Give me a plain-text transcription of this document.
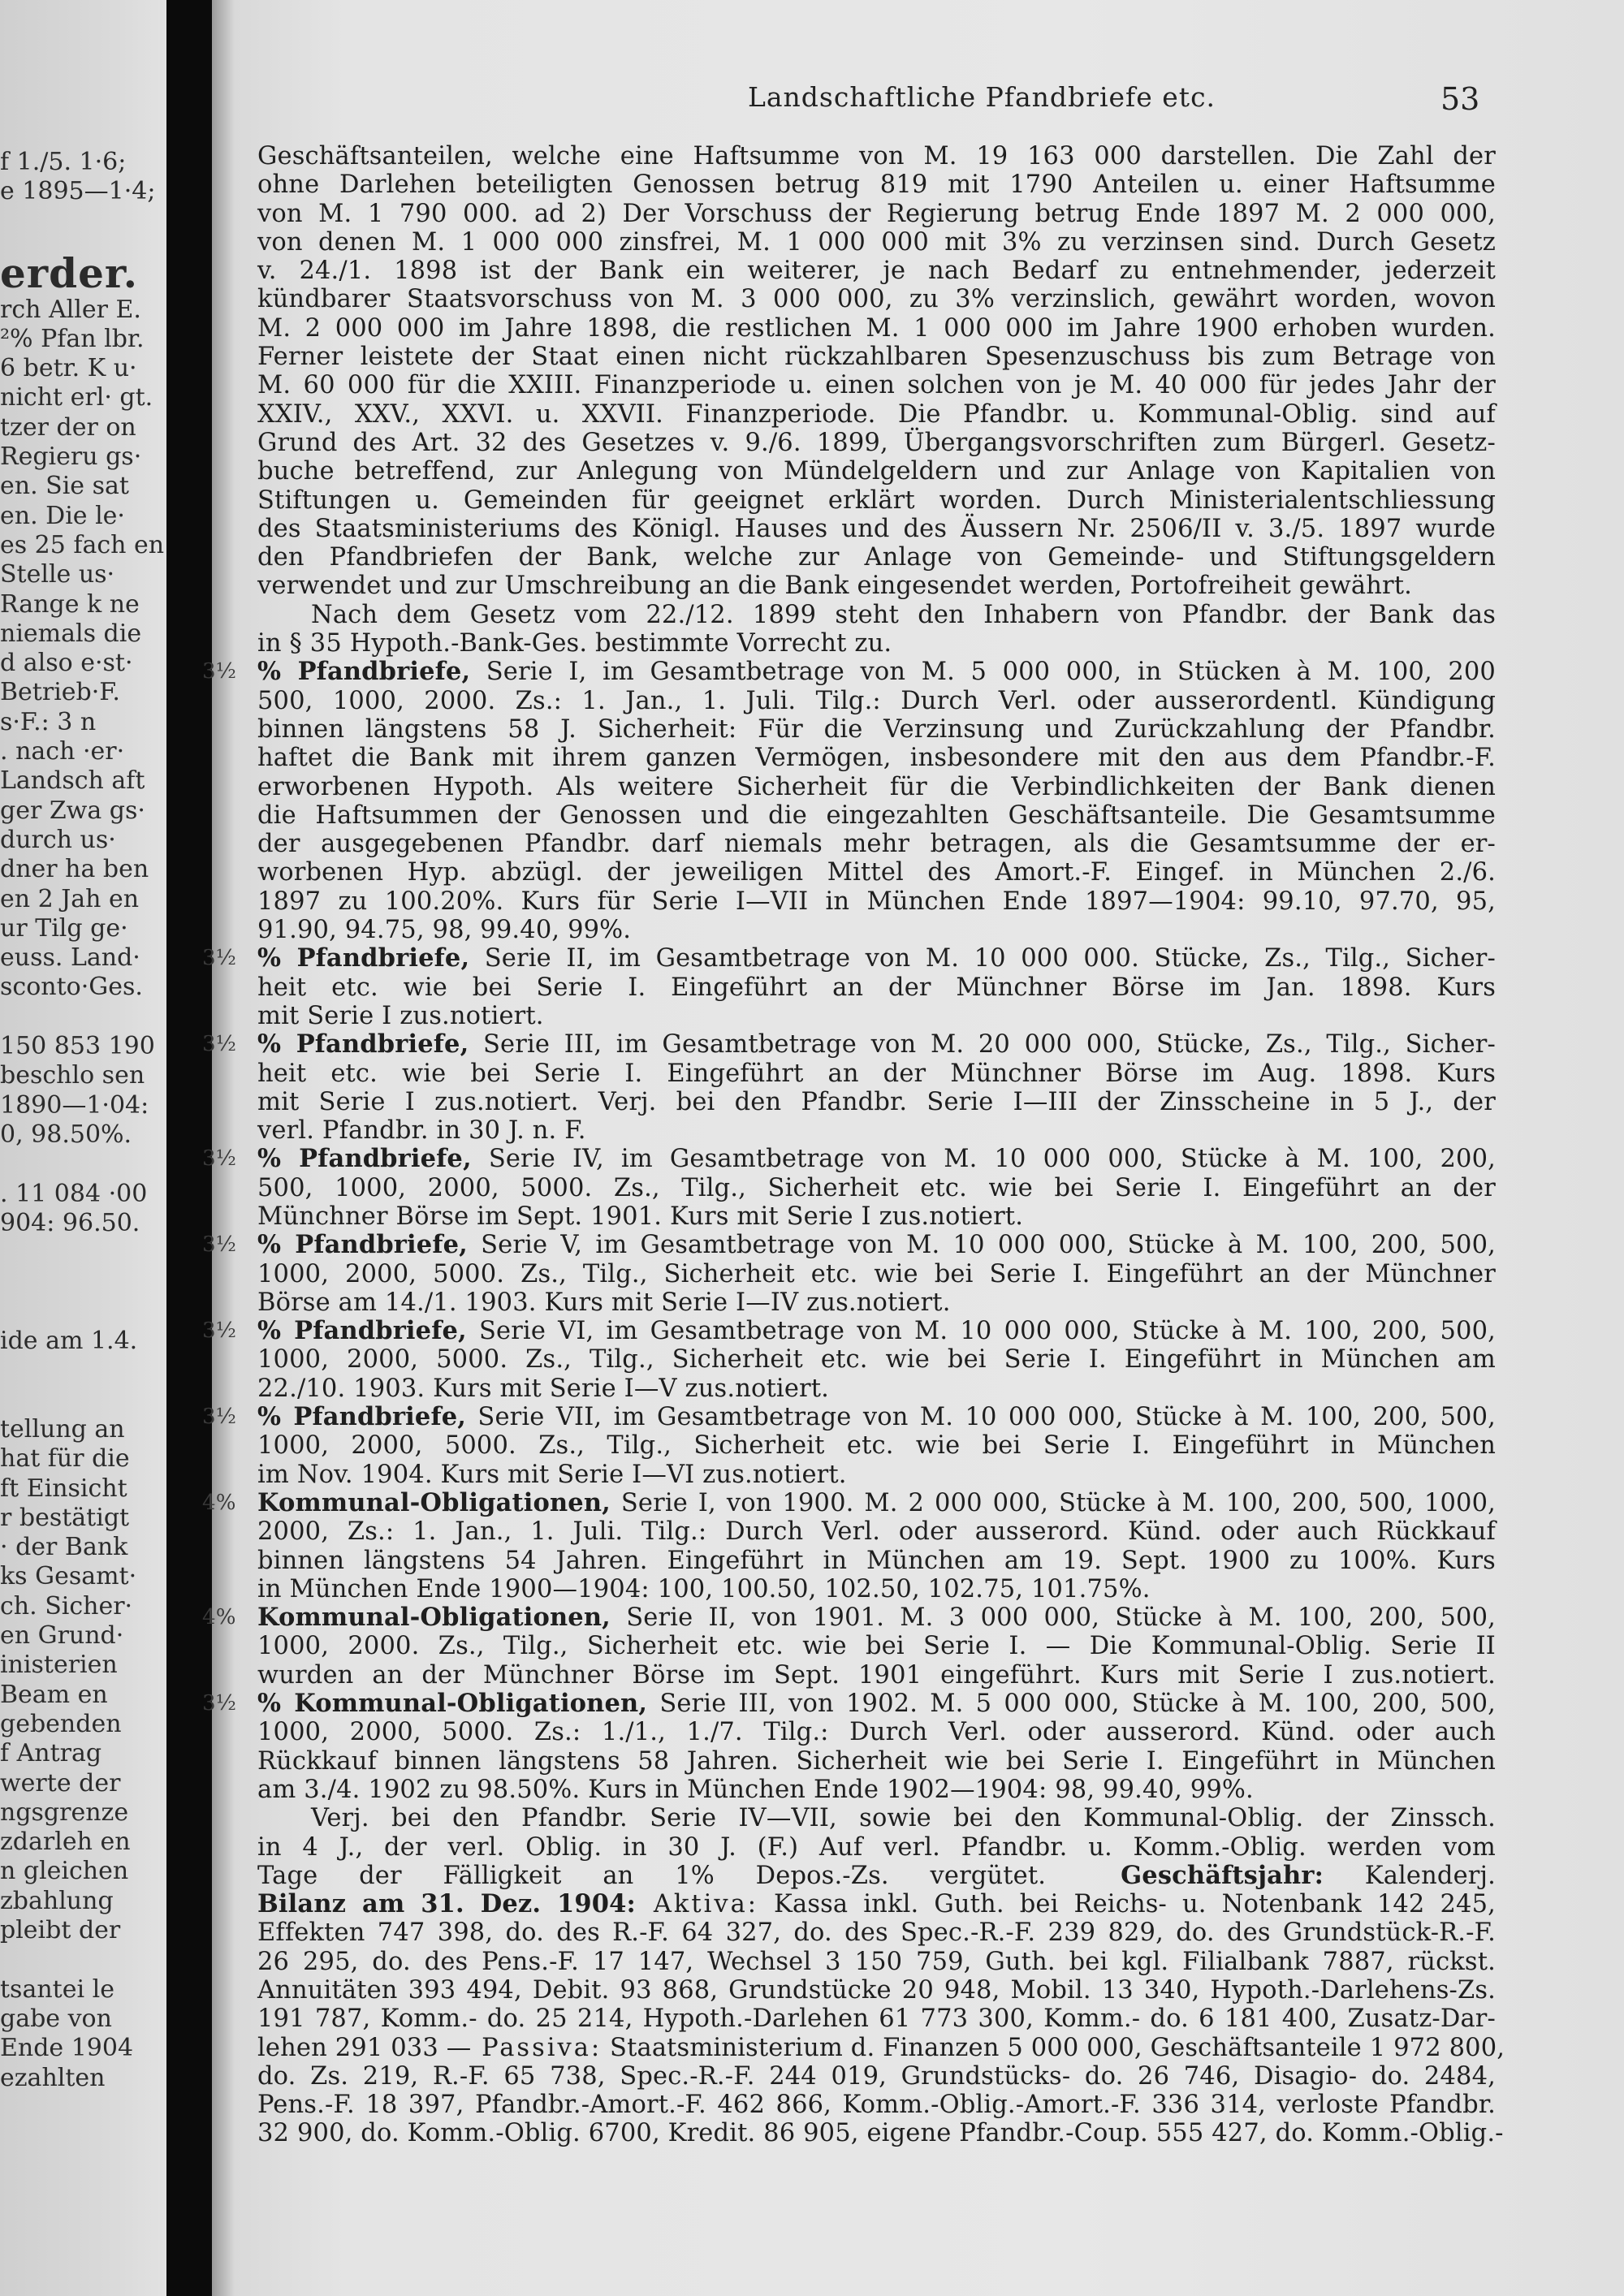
f 1./5. 1·6;
e 1895—1·4;
erder.
rch Aller E.
²% Pfan lbr.
6 betr. K u·
nicht erl· gt.
tzer der on
Regieru gs·
en. Sie sat
en. Die le·
es 25 fach en
Stelle us·
Range k ne
niemals die
d also e·st·
Betrieb·F.
s·F.: 3 n
. nach ·er·
Landsch aft
ger Zwa gs·
durch us·
dner ha ben
en 2 Jah en
ur Tilg ge·
euss. Land·
sconto·Ges.
150 853 190
beschlo sen
1890—1·04:
0, 98.50%.
. 11 084 ·00
904: 96.50.
ide am 1.4.
tellung an
hat für die
ft Einsicht
r bestätigt
· der Bank
ks Gesamt·
ch. Sicher·
en Grund·
inisterien
Beam en
gebenden
f Antrag
werte der
ngsgrenze
zdarleh en
n gleichen
zbahlung
pleibt der
tsantei le
gabe von
Ende 1904
ezahlten
Landschaftliche Pfandbriefe etc.	53
Geschäftsanteilen, welche eine Haftsumme von M. 19 163 000 darstellen. Die Zahl der
ohne Darlehen beteiligten Genossen betrug 819 mit 1790 Anteilen u. einer Haftsumme
von M. 1 790 000. ad 2) Der Vorschuss der Regierung betrug Ende 1897 M. 2 000 000,
von denen M. 1 000 000 zinsfrei, M. 1 000 000 mit 3% zu verzinsen sind. Durch Gesetz
v. 24./1. 1898 ist der Bank ein weiterer, je nach Bedarf zu entnehmender, jederzeit
kündbarer Staatsvorschuss von M. 3 000 000, zu 3% verzinslich, gewährt worden, wovon
M. 2 000 000 im Jahre 1898, die restlichen M. 1 000 000 im Jahre 1900 erhoben wurden.
Ferner leistete der Staat einen nicht rückzahlbaren Spesenzuschuss bis zum Betrage von
M. 60 000 für die XXIII. Finanzperiode u. einen solchen von je M. 40 000 für jedes Jahr der
XXIV., XXV., XXVI. u. XXVII. Finanzperiode. Die Pfandbr. u. Kommunal-Oblig. sind auf
Grund des Art. 32 des Gesetzes v. 9./6. 1899, Übergangsvorschriften zum Bürgerl. Gesetz-
buche betreffend, zur Anlegung von Mündelgeldern und zur Anlage von Kapitalien von
Stiftungen u. Gemeinden für geeignet erklärt worden. Durch Ministerialentschliessung
des Staatsministeriums des Königl. Hauses und des Äussern Nr. 2506/II v. 3./5. 1897 wurde
den Pfandbriefen der Bank, welche zur Anlage von Gemeinde- und Stiftungsgeldern
verwendet und zur Umschreibung an die Bank eingesendet werden, Portofreiheit gewährt.
Nach dem Gesetz vom 22./12. 1899 steht den Inhabern von Pfandbr. der Bank das
in § 35 Hypoth.-Bank-Ges. bestimmte Vorrecht zu.
3½ % Pfandbriefe, Serie I, im Gesamtbetrage von M. 5 000 000, in Stücken à M. 100, 200
500, 1000, 2000. Zs.: 1. Jan., 1. Juli. Tilg.: Durch Verl. oder ausserordentl. Kündigung
binnen längstens 58 J. Sicherheit: Für die Verzinsung und Zurückzahlung der Pfandbr.
haftet die Bank mit ihrem ganzen Vermögen, insbesondere mit den aus dem Pfandbr.-F.
erworbenen Hypoth. Als weitere Sicherheit für die Verbindlichkeiten der Bank dienen
die Haftsummen der Genossen und die eingezahlten Geschäftsanteile. Die Gesamtsumme
der ausgegebenen Pfandbr. darf niemals mehr betragen, als die Gesamtsumme der er-
worbenen Hyp. abzügl. der jeweiligen Mittel des Amort.-F. Eingef. in München 2./6.
1897 zu 100.20%. Kurs für Serie I—VII in München Ende 1897—1904: 99.10, 97.70, 95,
91.90, 94.75, 98, 99.40, 99%.
3½ % Pfandbriefe, Serie II, im Gesamtbetrage von M. 10 000 000. Stücke, Zs., Tilg., Sicher-
heit etc. wie bei Serie I. Eingeführt an der Münchner Börse im Jan. 1898. Kurs
mit Serie I zus.notiert.
3½ % Pfandbriefe, Serie III, im Gesamtbetrage von M. 20 000 000, Stücke, Zs., Tilg., Sicher-
heit etc. wie bei Serie I. Eingeführt an der Münchner Börse im Aug. 1898. Kurs
mit Serie I zus.notiert. Verj. bei den Pfandbr. Serie I—III der Zinsscheine in 5 J., der
verl. Pfandbr. in 30 J. n. F.
3½ % Pfandbriefe, Serie IV, im Gesamtbetrage von M. 10 000 000, Stücke à M. 100, 200,
500, 1000, 2000, 5000. Zs., Tilg., Sicherheit etc. wie bei Serie I. Eingeführt an der
Münchner Börse im Sept. 1901. Kurs mit Serie I zus.notiert.
3½ % Pfandbriefe, Serie V, im Gesamtbetrage von M. 10 000 000, Stücke à M. 100, 200, 500,
1000, 2000, 5000. Zs., Tilg., Sicherheit etc. wie bei Serie I. Eingeführt an der Münchner
Börse am 14./1. 1903. Kurs mit Serie I—IV zus.notiert.
3½ % Pfandbriefe, Serie VI, im Gesamtbetrage von M. 10 000 000, Stücke à M. 100, 200, 500,
1000, 2000, 5000. Zs., Tilg., Sicherheit etc. wie bei Serie I. Eingeführt in München am
22./10. 1903. Kurs mit Serie I—V zus.notiert.
3½ % Pfandbriefe, Serie VII, im Gesamtbetrage von M. 10 000 000, Stücke à M. 100, 200, 500,
1000, 2000, 5000. Zs., Tilg., Sicherheit etc. wie bei Serie I. Eingeführt in München
im Nov. 1904. Kurs mit Serie I—VI zus.notiert.
4% Kommunal-Obligationen, Serie I, von 1900. M. 2 000 000, Stücke à M. 100, 200, 500, 1000,
2000, Zs.: 1. Jan., 1. Juli. Tilg.: Durch Verl. oder ausserord. Künd. oder auch Rückkauf
binnen längstens 54 Jahren. Eingeführt in München am 19. Sept. 1900 zu 100%. Kurs
in München Ende 1900—1904: 100, 100.50, 102.50, 102.75, 101.75%.
4% Kommunal-Obligationen, Serie II, von 1901. M. 3 000 000, Stücke à M. 100, 200, 500,
1000, 2000. Zs., Tilg., Sicherheit etc. wie bei Serie I. — Die Kommunal-Oblig. Serie II
wurden an der Münchner Börse im Sept. 1901 eingeführt. Kurs mit Serie I zus.notiert.
3½ % Kommunal-Obligationen, Serie III, von 1902. M. 5 000 000, Stücke à M. 100, 200, 500,
1000, 2000, 5000. Zs.: 1./1., 1./7. Tilg.: Durch Verl. oder ausserord. Künd. oder auch
Rückkauf binnen längstens 58 Jahren. Sicherheit wie bei Serie I. Eingeführt in München
am 3./4. 1902 zu 98.50%. Kurs in München Ende 1902—1904: 98, 99.40, 99%.
Verj. bei den Pfandbr. Serie IV—VII, sowie bei den Kommunal-Oblig. der Zinssch.
in 4 J., der verl. Oblig. in 30 J. (F.) Auf verl. Pfandbr. u. Komm.-Oblig. werden vom
Tage der Fälligkeit an 1% Depos.-Zs. vergütet.   	Geschäftsjahr: Kalenderj.
Bilanz am 31. Dez. 1904: Aktiva: Kassa inkl. Guth. bei Reichs- u. Notenbank 142 245,
Effekten 747 398, do. des R.-F. 64 327, do. des Spec.-R.-F. 239 829, do. des Grundstück-R.-F.
26 295, do. des Pens.-F. 17 147, Wechsel 3 150 759, Guth. bei kgl. Filialbank 7887, rückst.
Annuitäten 393 494, Debit. 93 868, Grundstücke 20 948, Mobil. 13 340, Hypoth.-Darlehens-Zs.
191 787, Komm.- do. 25 214, Hypoth.-Darlehen 61 773 300, Komm.- do. 6 181 400, Zusatz-Dar-
lehen 291 033 — Passiva: Staatsministerium d. Finanzen 5 000 000, Geschäftsanteile 1 972 800,
do. Zs. 219, R.-F. 65 738, Spec.-R.-F. 244 019, Grundstücks- do. 26 746, Disagio- do. 2484,
Pens.-F. 18 397, Pfandbr.-Amort.-F. 462 866, Komm.-Oblig.-Amort.-F. 336 314, verloste Pfandbr.
32 900, do. Komm.-Oblig. 6700, Kredit. 86 905, eigene Pfandbr.-Coup. 555 427, do. Komm.-Oblig.-
